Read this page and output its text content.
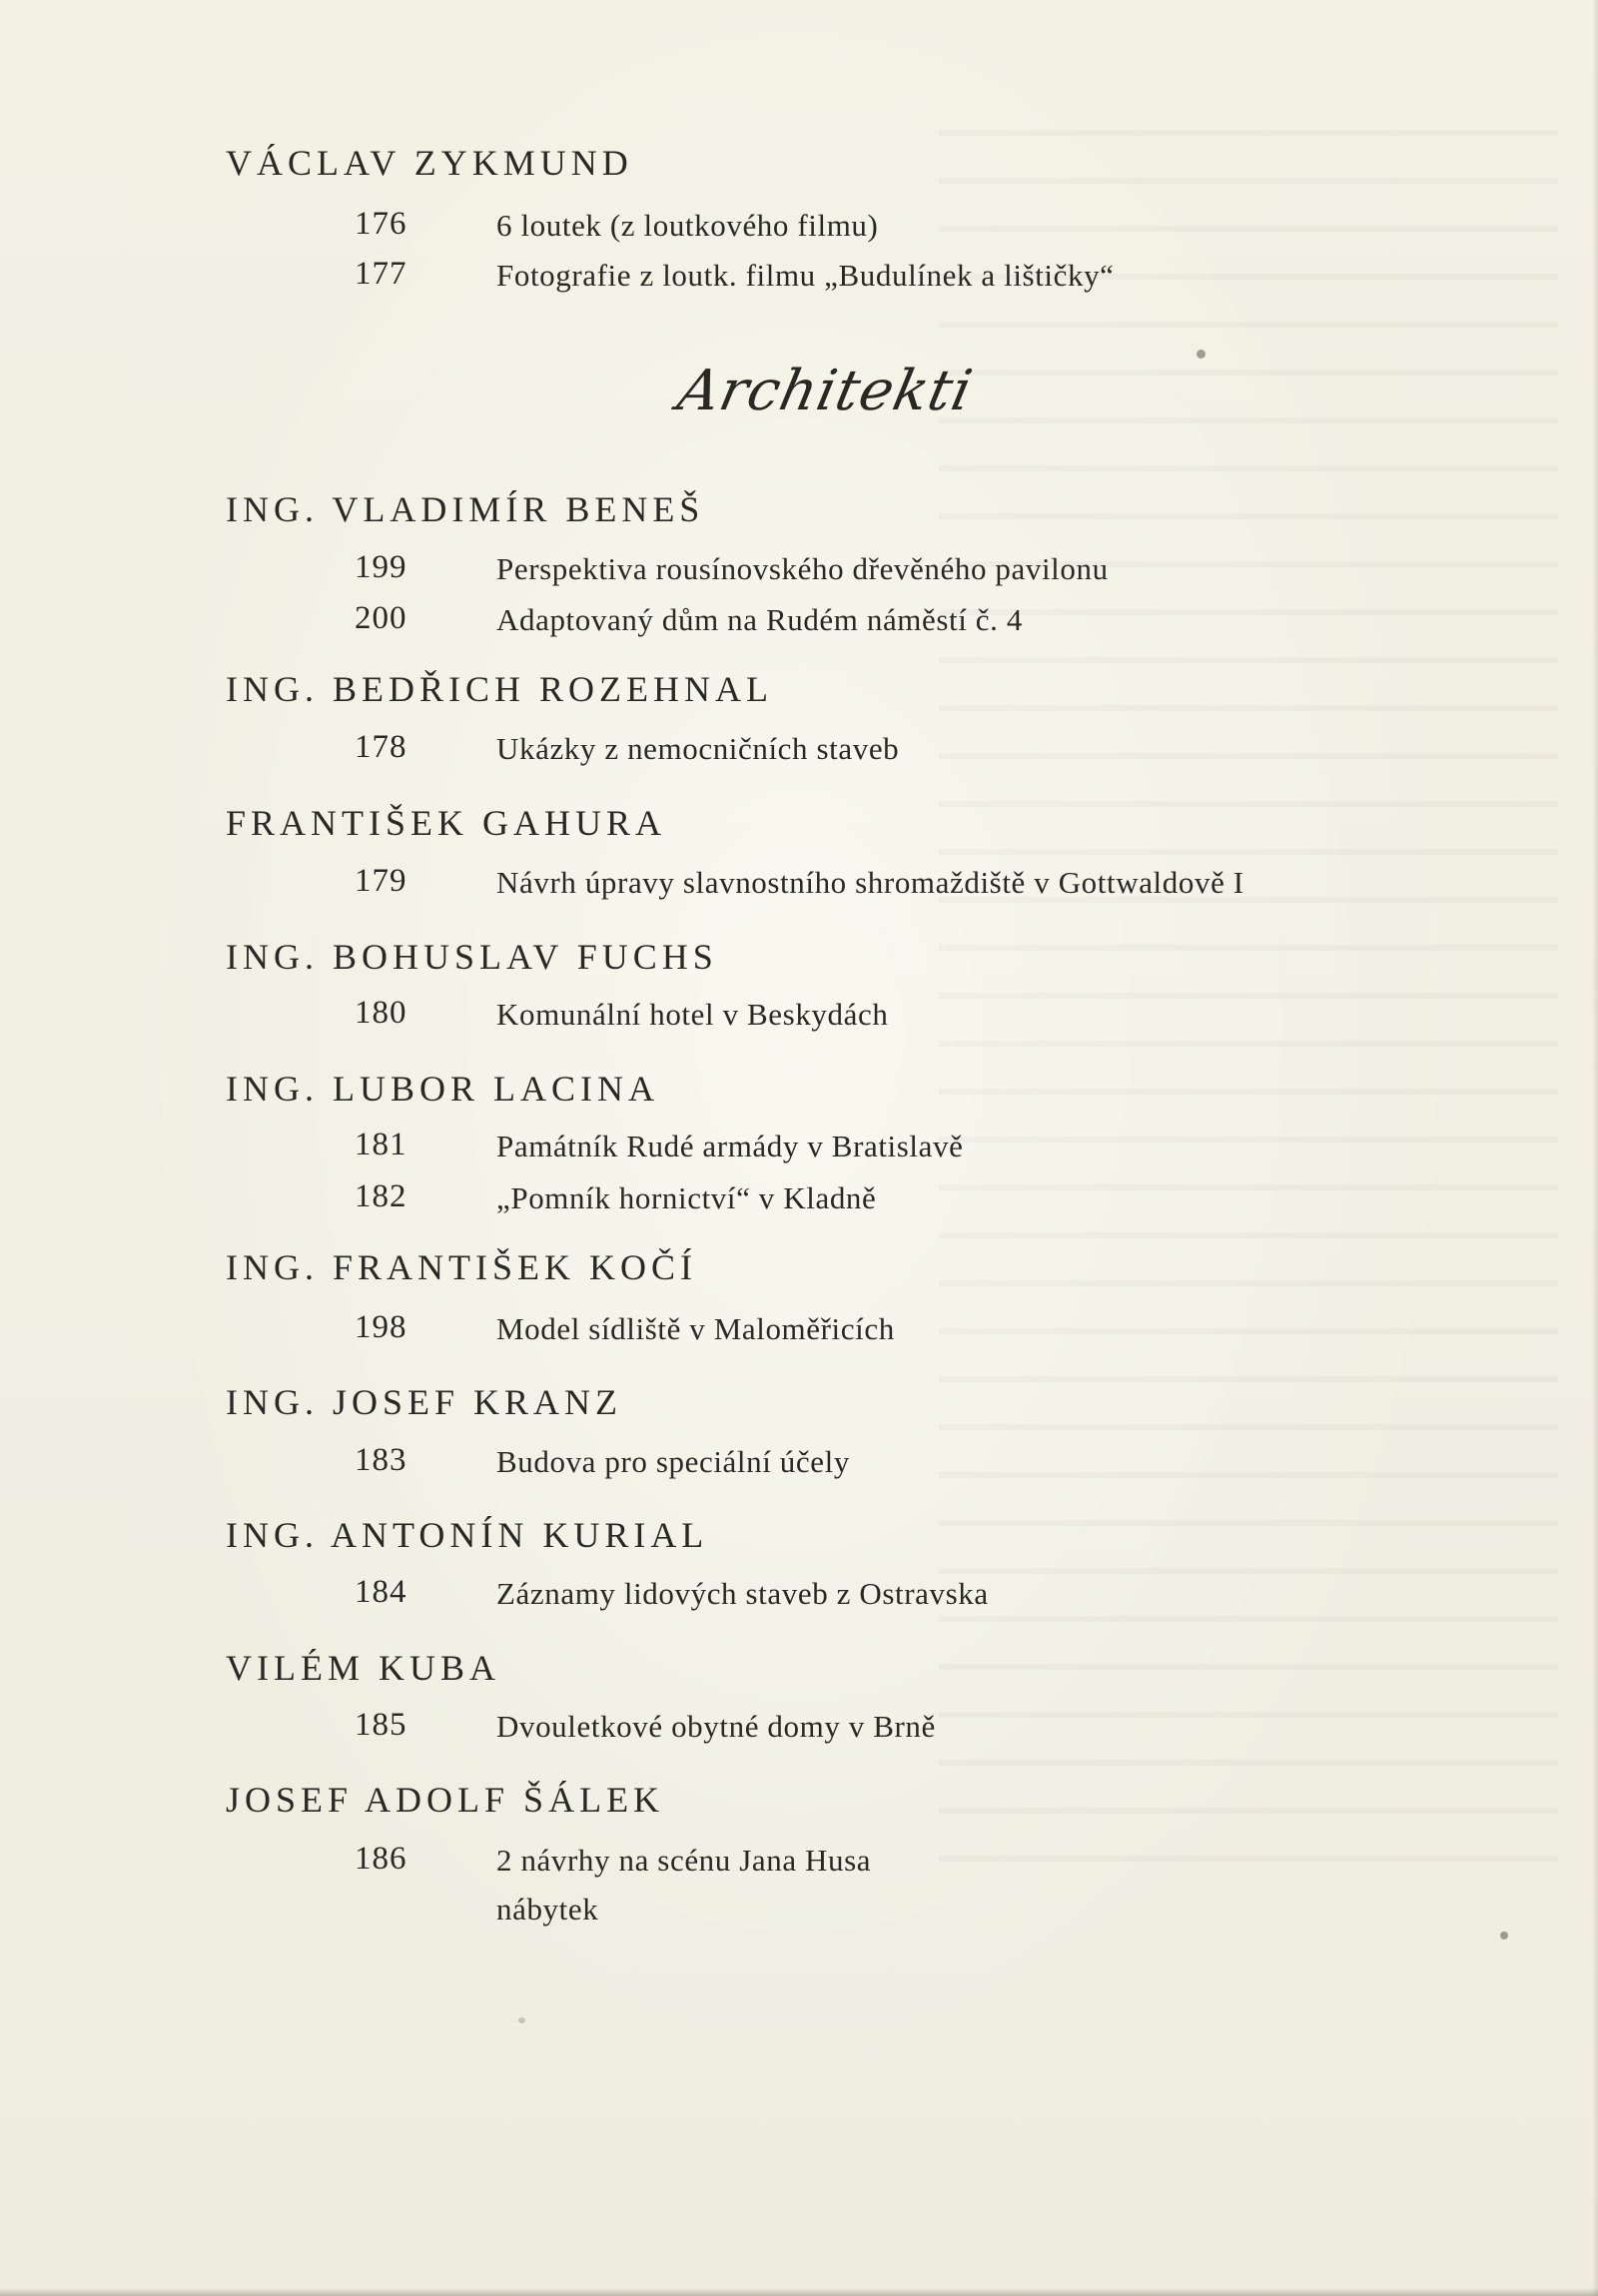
VÁCLAV ZYKMUND
176	6 loutek (z loutkového filmu)
177	Fotografie z loutk. filmu „Budulínek a lištičky“
Architekti
ING. VLADIMÍR BENEŠ
199	Perspektiva rousínovského dřevěného pavilonu
200	Adaptovaný dům na Rudém náměstí č. 4
ING. BEDŘICH ROZEHNAL
178	Ukázky z nemocničních staveb
FRANTIŠEK GAHURA
179	Návrh úpravy slavnostního shromaždiště v Gottwaldově I
ING. BOHUSLAV FUCHS
180	Komunální hotel v Beskydách
ING. LUBOR LACINA
181	Památník Rudé armády v Bratislavě
182	„Pomník hornictví“ v Kladně
ING. FRANTIŠEK KOČÍ
198	Model sídliště v Maloměřicích
ING. JOSEF KRANZ
183	Budova pro speciální účely
ING. ANTONÍN KURIAL
184	Záznamy lidových staveb z Ostravska
VILÉM KUBA
185	Dvouletkové obytné domy v Brně
JOSEF ADOLF ŠÁLEK
186	2 návrhy na scénu Jana Husa
nábytek
